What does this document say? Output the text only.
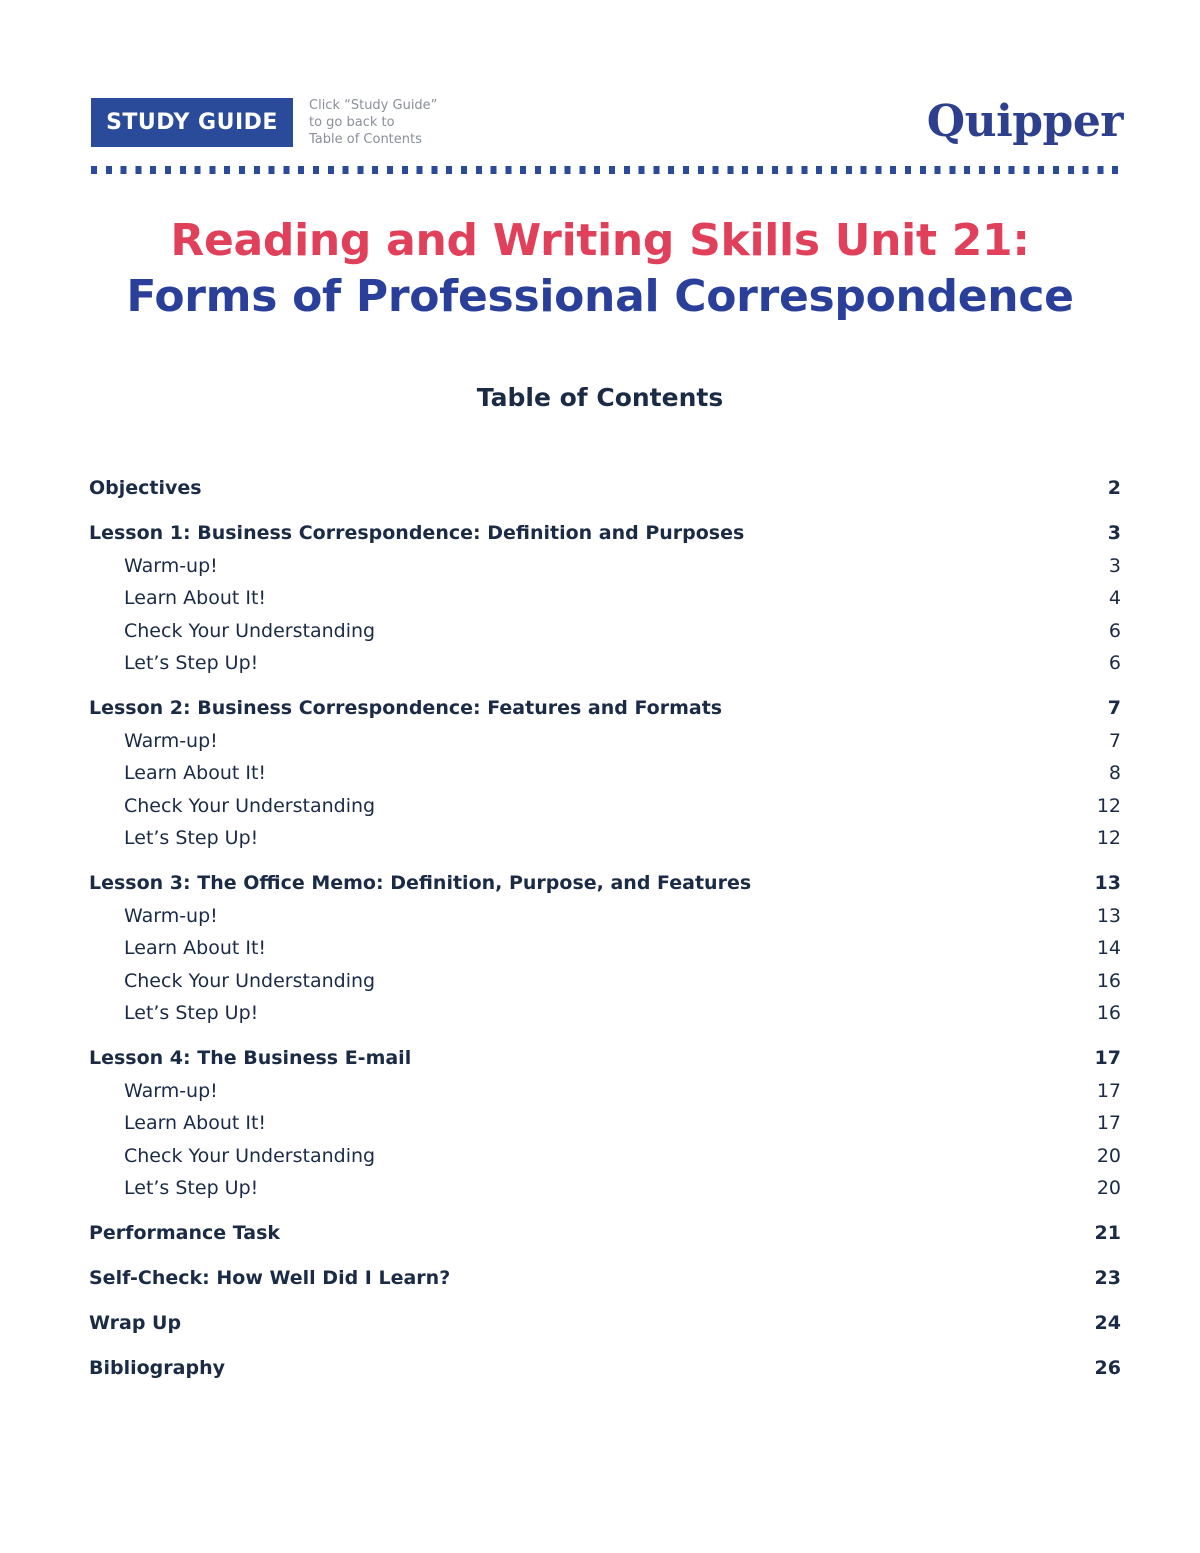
STUDY GUIDE
Click “Study Guide”
to go back to
Table of Contents	Quipper
Reading and Writing Skills Unit 21:
Forms of Professional Correspondence
Table of Contents
Objectives	2
Lesson 1: Business Correspondence: Definition and Purposes	3
Warm-up!	3
Learn About It!	4
Check Your Understanding	6
Let’s Step Up!	6
Lesson 2: Business Correspondence: Features and Formats	7
Warm-up!	7
Learn About It!	8
Check Your Understanding	12
Let’s Step Up!	12
Lesson 3: The Office Memo: Definition, Purpose, and Features	13
Warm-up!	13
Learn About It!	14
Check Your Understanding	16
Let’s Step Up!	16
Lesson 4: The Business E-mail	17
Warm-up!	17
Learn About It!	17
Check Your Understanding	20
Let’s Step Up!	20
Performance Task	21
Self-Check: How Well Did I Learn?	23
Wrap Up	24
Bibliography	26
